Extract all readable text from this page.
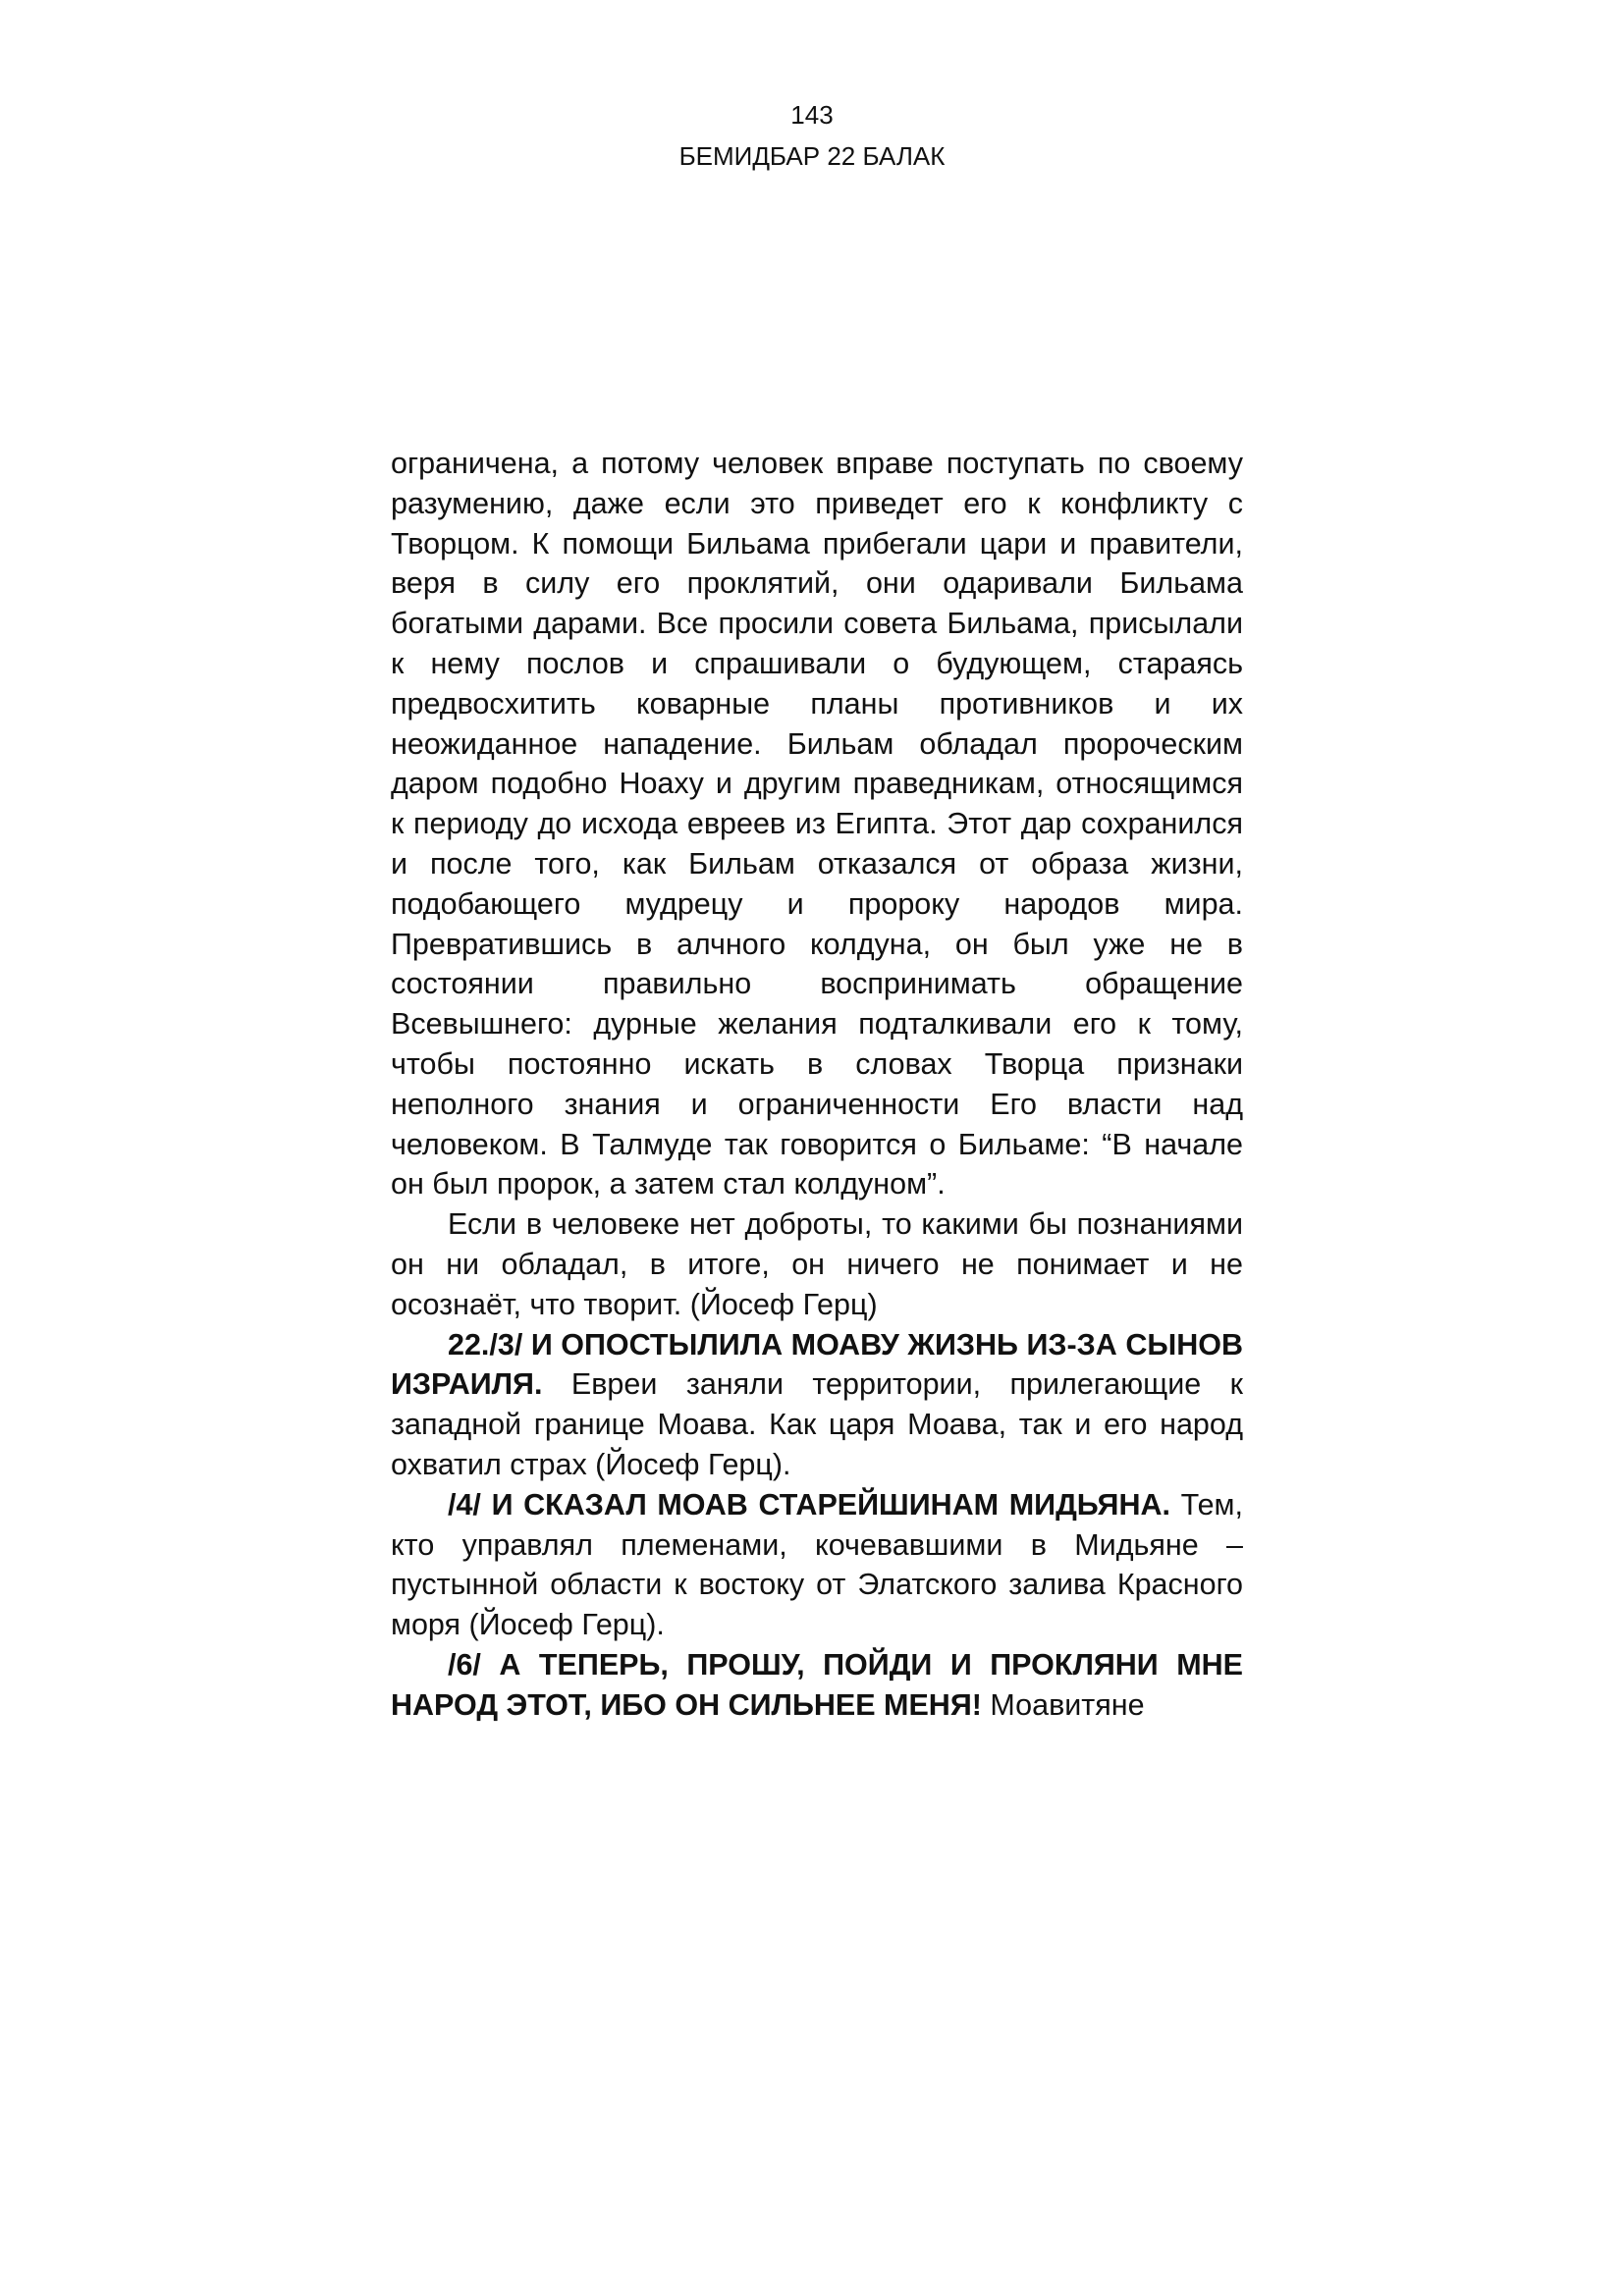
143
БЕМИДБАР 22 БАЛАК

ограничена, а потому человек вправе поступать по своему разумению, даже если это приведет его к конфликту с Творцом. К помощи Бильама прибегали цари и правители, веря в силу его проклятий, они одаривали Бильама богатыми дарами. Все просили совета Бильама, присылали к нему послов и спрашивали о будующем, стараясь предвосхитить коварные планы противников и их неожиданное нападение. Бильам обладал пророческим даром подобно Ноаху и другим праведникам, относящимся к периоду до исхода евреев из Египта. Этот дар сохранился и после того, как Бильам отказался от образа жизни, подобающего мудрецу и пророку народов мира. Превратившись в алчного колдуна, он был уже не в состоянии правильно воспринимать обращение Всевышнего: дурные желания подталкивали его к тому, чтобы постоянно искать в словах Творца признаки неполного знания и ограниченности Его власти над человеком. В Талмуде так говорится о Бильаме: “В начале он был пророк, а затем стал колдуном”.

Если в человеке нет доброты, то какими бы познаниями он ни обладал, в итоге, он ничего не понимает и не осознаёт, что творит. (Йосеф Герц)

22./3/ И ОПОСТЫЛИЛА МОАВУ ЖИЗНЬ ИЗ-ЗА СЫНОВ ИЗРАИЛЯ. Евреи заняли территории, прилегающие к западной границе Моава. Как царя Моава, так и его народ охватил страх (Йосеф Герц).

/4/ И СКАЗАЛ МОАВ СТАРЕЙШИНАМ МИДЬЯНА. Тем, кто управлял племенами, кочевавшими в Мидьяне – пустынной области к востоку от Элатского залива Красного моря (Йосеф Герц).

/6/ А ТЕПЕРЬ, ПРОШУ, ПОЙДИ И ПРОКЛЯНИ МНЕ НАРОД ЭТОТ, ИБО ОН СИЛЬНЕЕ МЕНЯ! Моавитяне
